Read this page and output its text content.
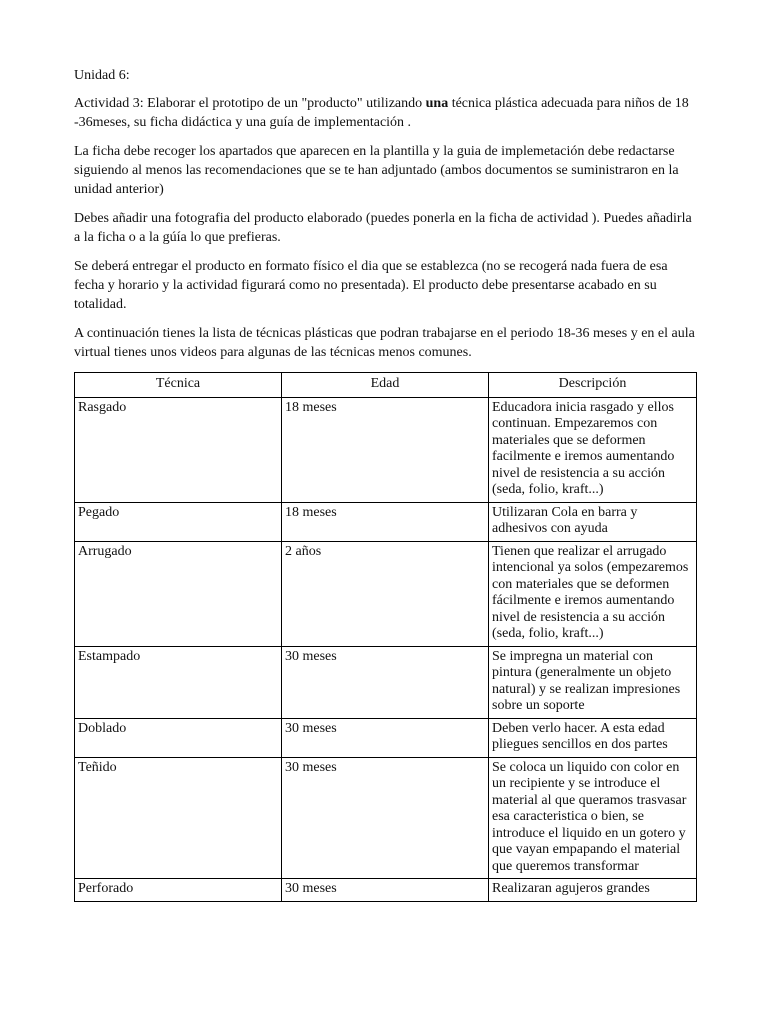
Unidad 6:

Actividad 3: Elaborar el prototipo de un "producto" utilizando una técnica plástica adecuada para niños de 18 -36meses, su ficha didáctica y una guía de implementación .

La ficha debe recoger los apartados que aparecen en la plantilla y la guia de implemetación debe redactarse siguiendo al menos las recomendaciones que se te han adjuntado (ambos documentos se suministraron en la unidad anterior)

Debes añadir una fotografia del producto elaborado (puedes ponerla en la ficha de actividad ). Puedes añadirla a la ficha o a la gúía lo que prefieras.

Se deberá entregar el producto en formato físico el dia que se establezca (no se recogerá nada fuera de esa fecha y horario y la actividad figurará como no presentada). El producto debe presentarse acabado en su totalidad.

A continuación tienes la lista de técnicas plásticas que podran trabajarse en el periodo 18-36 meses y en el aula virtual tienes unos videos para algunas de las técnicas menos comunes.

Técnica	Edad	Descripción
Rasgado	18 meses	Educadora inicia rasgado y ellos continuan. Empezaremos con materiales que se deformen facilmente e iremos aumentando nivel de resistencia a su acción (seda, folio, kraft...)
Pegado	18 meses	Utilizaran Cola en barra y adhesivos con ayuda
Arrugado	2 años	Tienen que realizar el arrugado intencional ya solos (empezaremos con materiales que se deformen fácilmente e iremos aumentando nivel de resistencia a su acción (seda, folio, kraft...)
Estampado	30 meses	Se impregna un material con pintura (generalmente un objeto natural) y se realizan impresiones sobre un soporte
Doblado	30 meses	Deben verlo hacer. A esta edad pliegues sencillos en dos partes
Teñido	30 meses	Se coloca un liquido con color en un recipiente y se introduce el material al que queramos trasvasar esa caracteristica o bien, se introduce el liquido en un gotero y que vayan empapando el material que queremos transformar
Perforado	30 meses	Realizaran agujeros grandes
